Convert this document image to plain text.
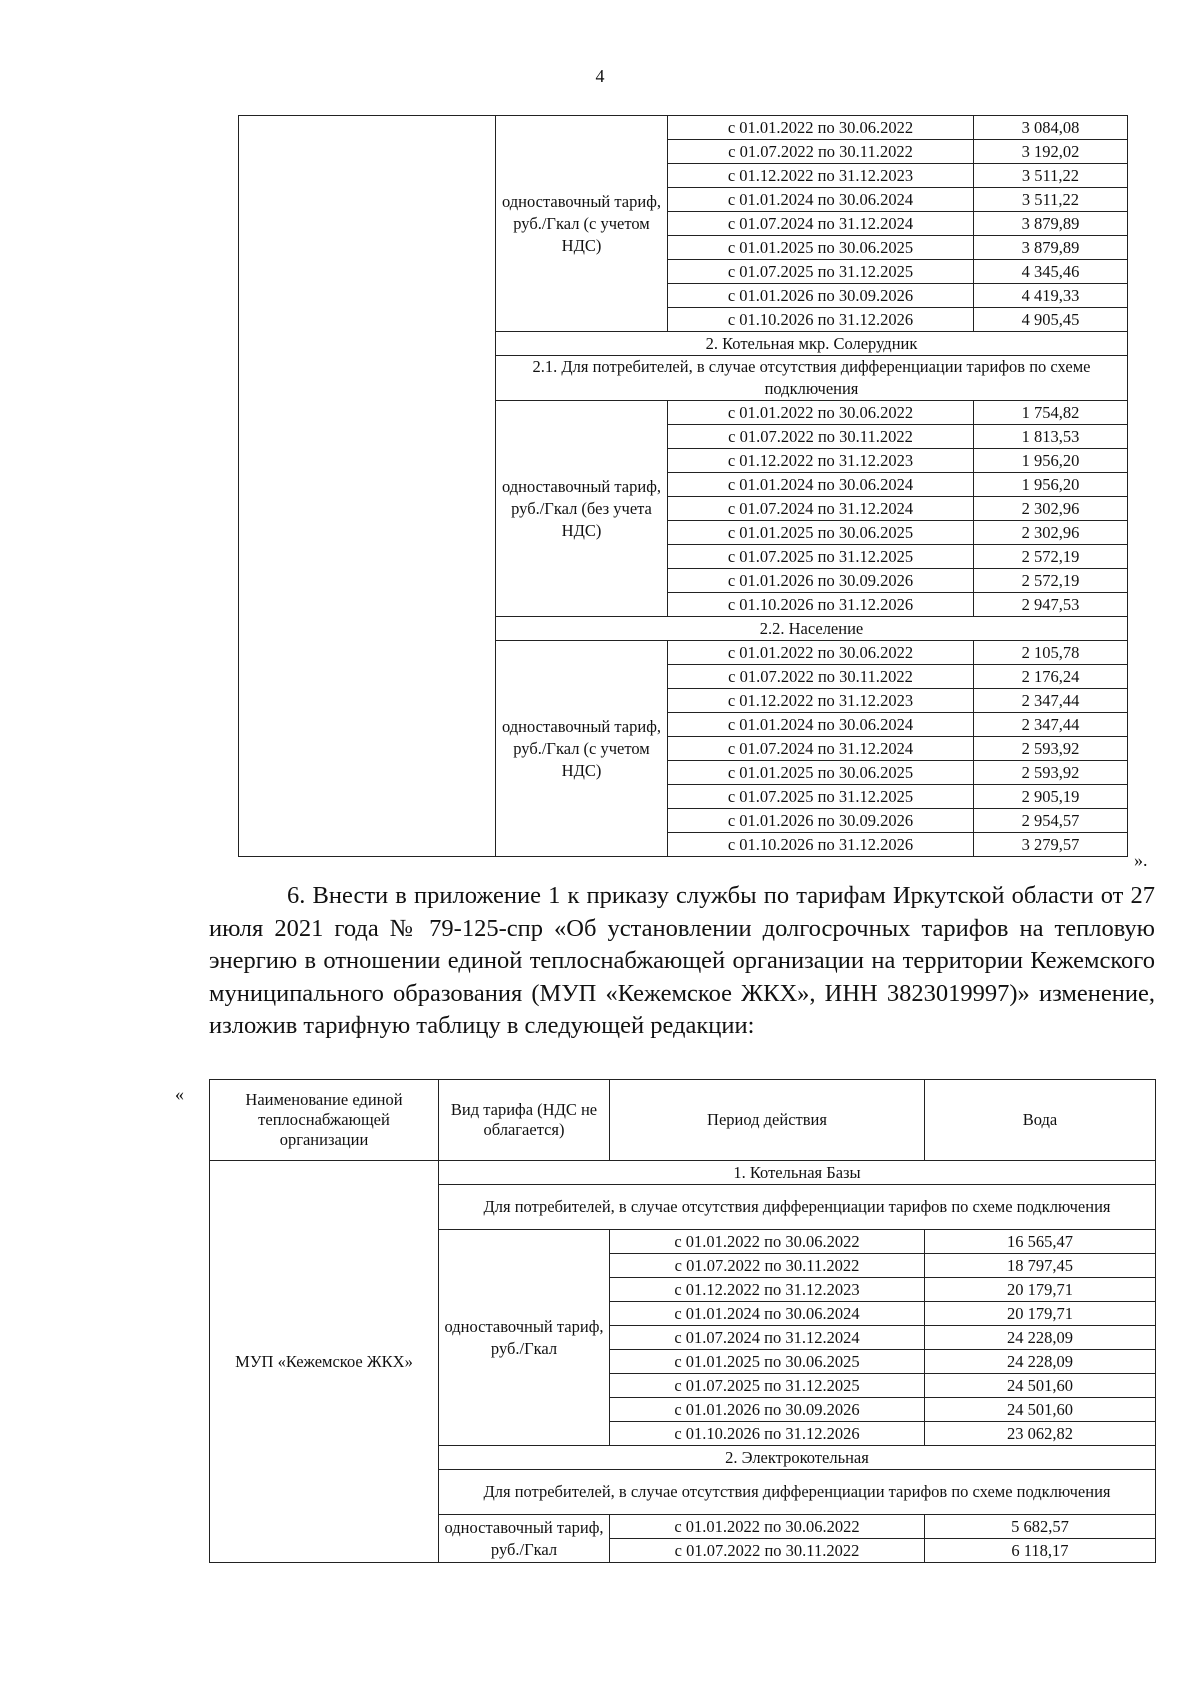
4
	одноставочный тариф, руб./Гкал (с учетом НДС)	с 01.01.2022 по 30.06.2022	3 084,08
		с 01.07.2022 по 30.11.2022	3 192,02
		с 01.12.2022 по 31.12.2023	3 511,22
		с 01.01.2024 по 30.06.2024	3 511,22
		с 01.07.2024 по 31.12.2024	3 879,89
		с 01.01.2025 по 30.06.2025	3 879,89
		с 01.07.2025 по 31.12.2025	4 345,46
		с 01.01.2026 по 30.09.2026	4 419,33
		с 01.10.2026 по 31.12.2026	4 905,45
	2. Котельная мкр. Солерудник		
	2.1. Для потребителей, в случае отсутствия дифференциации тарифов по схеме подключения		
	одноставочный тариф, руб./Гкал (без учета НДС)	с 01.01.2022 по 30.06.2022	1 754,82
		с 01.07.2022 по 30.11.2022	1 813,53
		с 01.12.2022 по 31.12.2023	1 956,20
		с 01.01.2024 по 30.06.2024	1 956,20
		с 01.07.2024 по 31.12.2024	2 302,96
		с 01.01.2025 по 30.06.2025	2 302,96
		с 01.07.2025 по 31.12.2025	2 572,19
		с 01.01.2026 по 30.09.2026	2 572,19
		с 01.10.2026 по 31.12.2026	2 947,53
	2.2. Население		
	одноставочный тариф, руб./Гкал (с учетом НДС)	с 01.01.2022 по 30.06.2022	2 105,78
		с 01.07.2022 по 30.11.2022	2 176,24
		с 01.12.2022 по 31.12.2023	2 347,44
		с 01.01.2024 по 30.06.2024	2 347,44
		с 01.07.2024 по 31.12.2024	2 593,92
		с 01.01.2025 по 30.06.2025	2 593,92
		с 01.07.2025 по 31.12.2025	2 905,19
		с 01.01.2026 по 30.09.2026	2 954,57
		с 01.10.2026 по 31.12.2026	3 279,57
».

6. Внести в приложение 1 к приказу службы по тарифам Иркутской области от 27 июля 2021 года № 79-125-спр «Об установлении долгосрочных тарифов на тепловую энергию в отношении единой теплоснабжающей организации на территории Кежемского муниципального образования (МУП «Кежемское ЖКХ», ИНН 3823019997)» изменение, изложив тарифную таблицу в следующей редакции:

«	Наименование единой теплоснабжающей организации	Вид тарифа (НДС не облагается)	Период действия	Вода
МУП «Кежемское ЖКХ»	1. Котельная Базы		
	Для потребителей, в случае отсутствия дифференциации тарифов по схеме подключения		
	одноставочный тариф, руб./Гкал	с 01.01.2022 по 30.06.2022	16 565,47
		с 01.07.2022 по 30.11.2022	18 797,45
		с 01.12.2022 по 31.12.2023	20 179,71
		с 01.01.2024 по 30.06.2024	20 179,71
		с 01.07.2024 по 31.12.2024	24 228,09
		с 01.01.2025 по 30.06.2025	24 228,09
		с 01.07.2025 по 31.12.2025	24 501,60
		с 01.01.2026 по 30.09.2026	24 501,60
		с 01.10.2026 по 31.12.2026	23 062,82
	2. Электрокотельная		
	Для потребителей, в случае отсутствия дифференциации тарифов по схеме подключения		
	одноставочный тариф, руб./Гкал	с 01.01.2022 по 30.06.2022	5 682,57
		с 01.07.2022 по 30.11.2022	6 118,17
